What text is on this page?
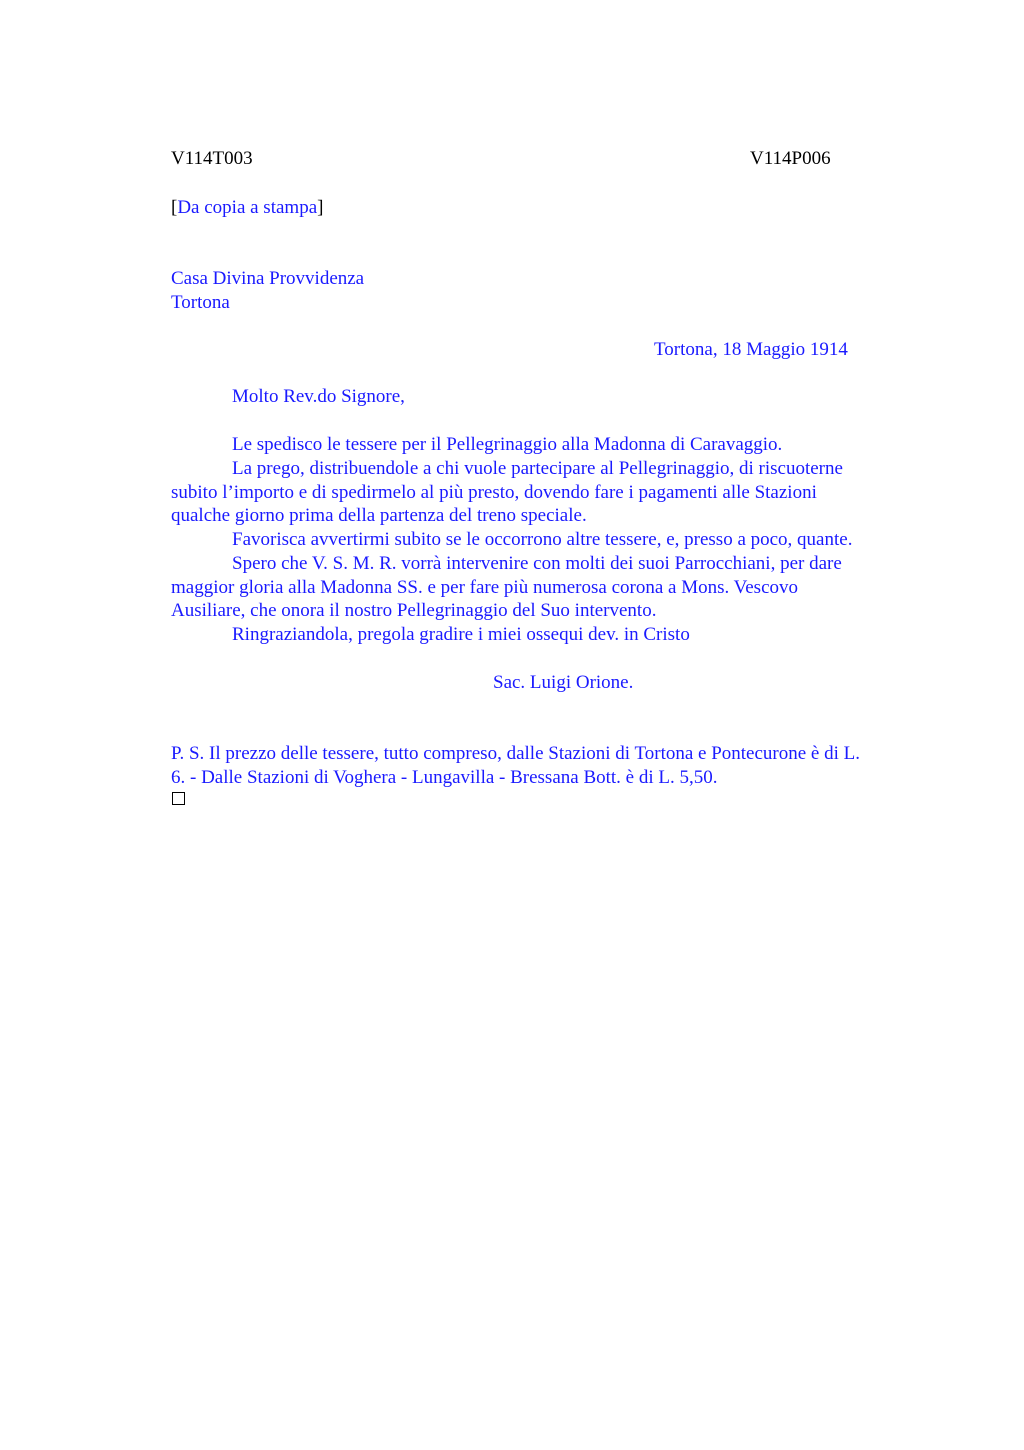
V114T003	V114P006
[Da copia a stampa]
Casa Divina Provvidenza
Tortona
Tortona, 18 Maggio 1914
Molto Rev.do Signore,
Le spedisco le tessere per il Pellegrinaggio alla Madonna di Caravaggio.
La prego, distribuendole a chi vuole partecipare al Pellegrinaggio, di riscuoterne
subito l’importo e di spedirmelo al più presto, dovendo fare i pagamenti alle Stazioni
qualche giorno prima della partenza del treno speciale.
Favorisca avvertirmi subito se le occorrono altre tessere, e, presso a poco, quante.
Spero che V. S. M. R. vorrà intervenire con molti dei suoi Parrocchiani, per dare
maggior gloria alla Madonna SS. e per fare più numerosa corona a Mons. Vescovo
Ausiliare, che onora il nostro Pellegrinaggio del Suo intervento.
Ringraziandola, pregola gradire i miei ossequi dev. in Cristo
Sac. Luigi Orione.
P. S. Il prezzo delle tessere, tutto compreso, dalle Stazioni di Tortona e Pontecurone è di L.
6. - Dalle Stazioni di Voghera - Lungavilla - Bressana Bott. è di L. 5,50.
